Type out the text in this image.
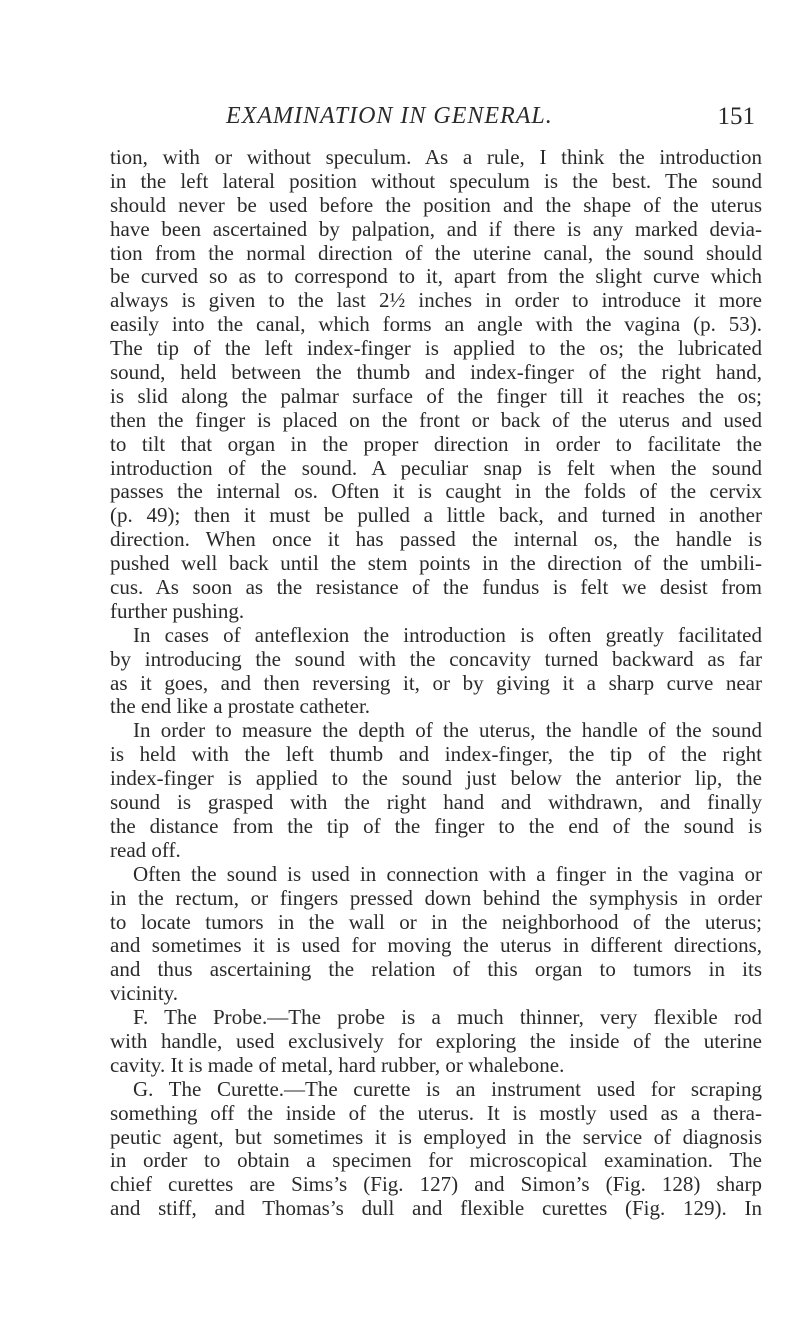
EXAMINATION IN GENERAL.	151
tion, with or without speculum. As a rule, I think the introduction
in the left lateral position without speculum is the best. The sound
should never be used before the position and the shape of the uterus
have been ascertained by palpation, and if there is any marked devia-
tion from the normal direction of the uterine canal, the sound should
be curved so as to correspond to it, apart from the slight curve which
always is given to the last 2½ inches in order to introduce it more
easily into the canal, which forms an angle with the vagina (p. 53).
The tip of the left index-finger is applied to the os; the lubricated
sound, held between the thumb and index-finger of the right hand,
is slid along the palmar surface of the finger till it reaches the os;
then the finger is placed on the front or back of the uterus and used
to tilt that organ in the proper direction in order to facilitate the
introduction of the sound. A peculiar snap is felt when the sound
passes the internal os. Often it is caught in the folds of the cervix
(p. 49); then it must be pulled a little back, and turned in another
direction. When once it has passed the internal os, the handle is
pushed well back until the stem points in the direction of the umbili-
cus. As soon as the resistance of the fundus is felt we desist from
further pushing.
In cases of anteflexion the introduction is often greatly facilitated
by introducing the sound with the concavity turned backward as far
as it goes, and then reversing it, or by giving it a sharp curve near
the end like a prostate catheter.
In order to measure the depth of the uterus, the handle of the sound
is held with the left thumb and index-finger, the tip of the right
index-finger is applied to the sound just below the anterior lip, the
sound is grasped with the right hand and withdrawn, and finally
the distance from the tip of the finger to the end of the sound is
read off.
Often the sound is used in connection with a finger in the vagina or
in the rectum, or fingers pressed down behind the symphysis in order
to locate tumors in the wall or in the neighborhood of the uterus;
and sometimes it is used for moving the uterus in different directions,
and thus ascertaining the relation of this organ to tumors in its
vicinity.
F. The Probe.—The probe is a much thinner, very flexible rod
with handle, used exclusively for exploring the inside of the uterine
cavity. It is made of metal, hard rubber, or whalebone.
G. The Curette.—The curette is an instrument used for scraping
something off the inside of the uterus. It is mostly used as a thera-
peutic agent, but sometimes it is employed in the service of diagnosis
in order to obtain a specimen for microscopical examination. The
chief curettes are Sims’s (Fig. 127) and Simon’s (Fig. 128) sharp
and stiff, and Thomas’s dull and flexible curettes (Fig. 129). In
